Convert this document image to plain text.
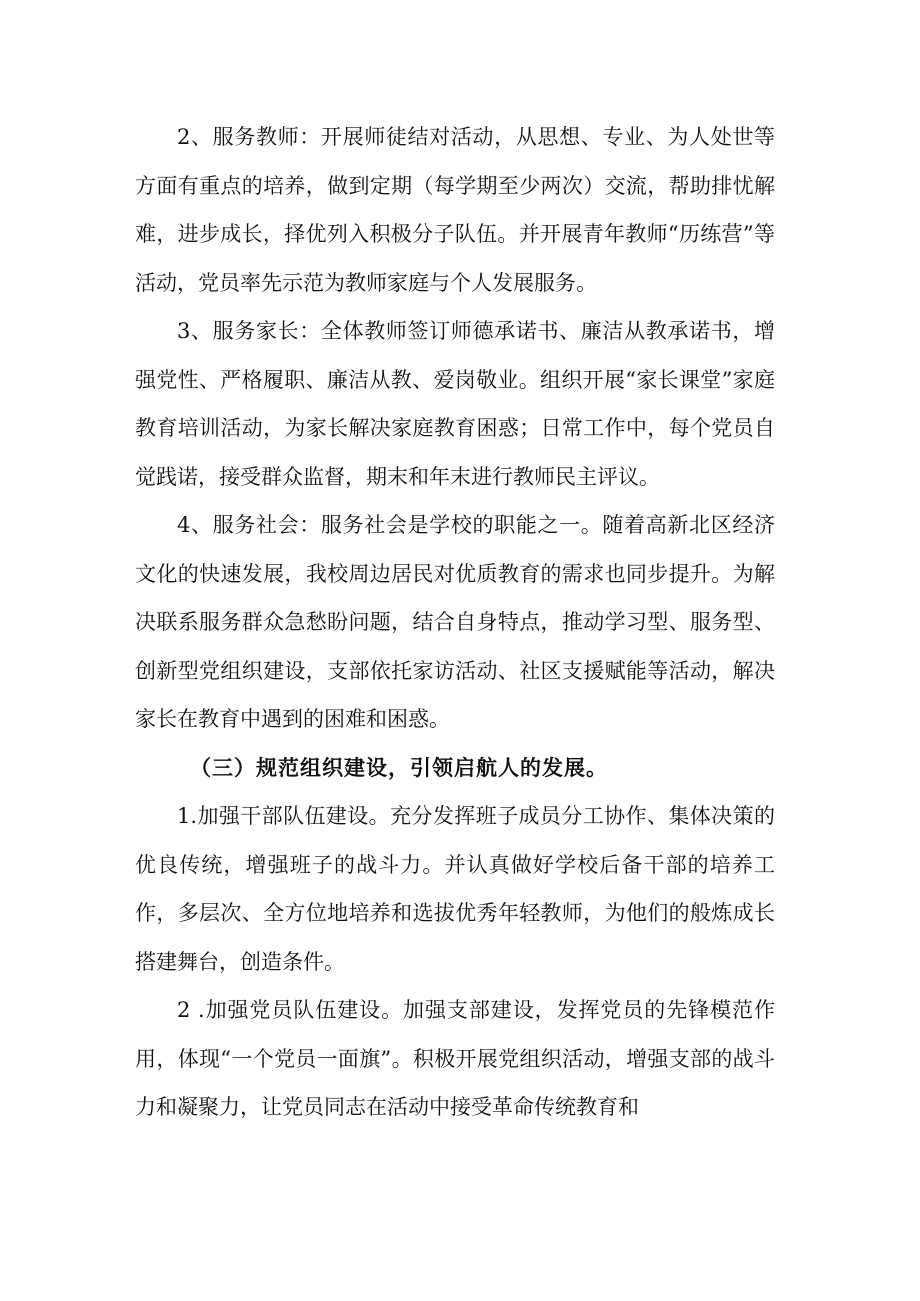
2、服务教师：开展师徒结对活动，从思想、专业、为人处世等方面有重点的培养，做到定期（每学期至少两次）交流，帮助排忧解难，进步成长，择优列入积极分子队伍。并开展青年教师“历练营”等活动，党员率先示范为教师家庭与个人发展服务。

3、服务家长：全体教师签订师德承诺书、廉洁从教承诺书，增强党性、严格履职、廉洁从教、爱岗敬业。组织开展“家长课堂”家庭教育培训活动，为家长解决家庭教育困惑；日常工作中，每个党员自觉践诺，接受群众监督，期末和年末进行教师民主评议。

4、服务社会：服务社会是学校的职能之一。随着高新北区经济文化的快速发展，我校周边居民对优质教育的需求也同步提升。为解决联系服务群众急愁盼问题，结合自身特点，推动学习型、服务型、创新型党组织建设，支部依托家访活动、社区支援赋能等活动，解决家长在教育中遇到的困难和困惑。

（三）规范组织建设，引领启航人的发展。

1.加强干部队伍建设。充分发挥班子成员分工协作、集体决策的优良传统，增强班子的战斗力。并认真做好学校后备干部的培养工作，多层次、全方位地培养和选拔优秀年轻教师，为他们的般炼成长搭建舞台，创造条件。

2 .加强党员队伍建设。加强支部建设，发挥党员的先锋模范作用，体现“一个党员一面旗”。积极开展党组织活动，增强支部的战斗力和凝聚力，让党员同志在活动中接受革命传统教育和
